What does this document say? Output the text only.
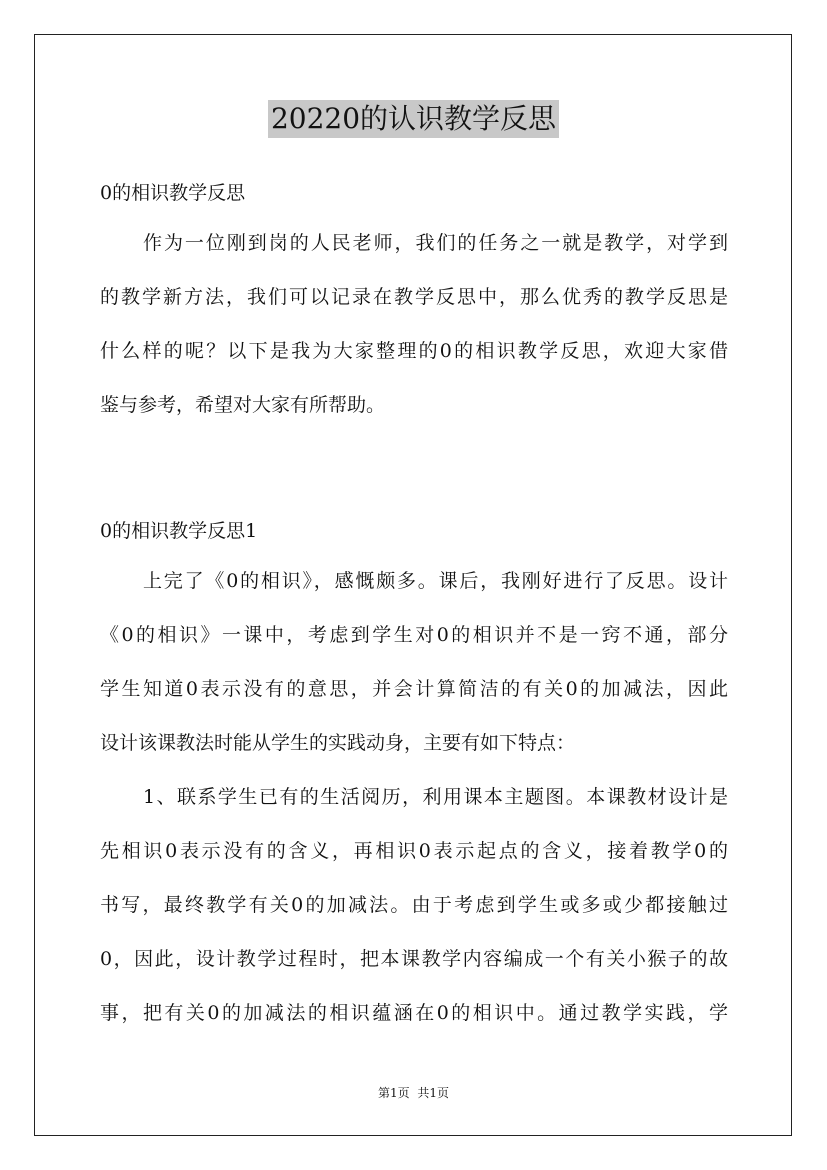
20220的认识教学反思
0的相识教学反思
作为一位刚到岗的人民老师，我们的任务之一就是教学，对学到
的教学新方法，我们可以记录在教学反思中，那么优秀的教学反思是
什么样的呢？以下是我为大家整理的0的相识教学反思，欢迎大家借
鉴与参考，希望对大家有所帮助。
0的相识教学反思1
上完了《0的相识》，感慨颇多。课后，我刚好进行了反思。设计
《0的相识》一课中，考虑到学生对0的相识并不是一窍不通，部分
学生知道0表示没有的意思，并会计算简洁的有关0的加减法，因此
设计该课教法时能从学生的实践动身，主要有如下特点：
1、联系学生已有的生活阅历，利用课本主题图。本课教材设计是
先相识0表示没有的含义，再相识0表示起点的含义，接着教学0的
书写，最终教学有关0的加减法。由于考虑到学生或多或少都接触过
0，因此，设计教学过程时，把本课教学内容编成一个有关小猴子的故
事，把有关0的加减法的相识蕴涵在0的相识中。通过教学实践，学
第1页 共1页
